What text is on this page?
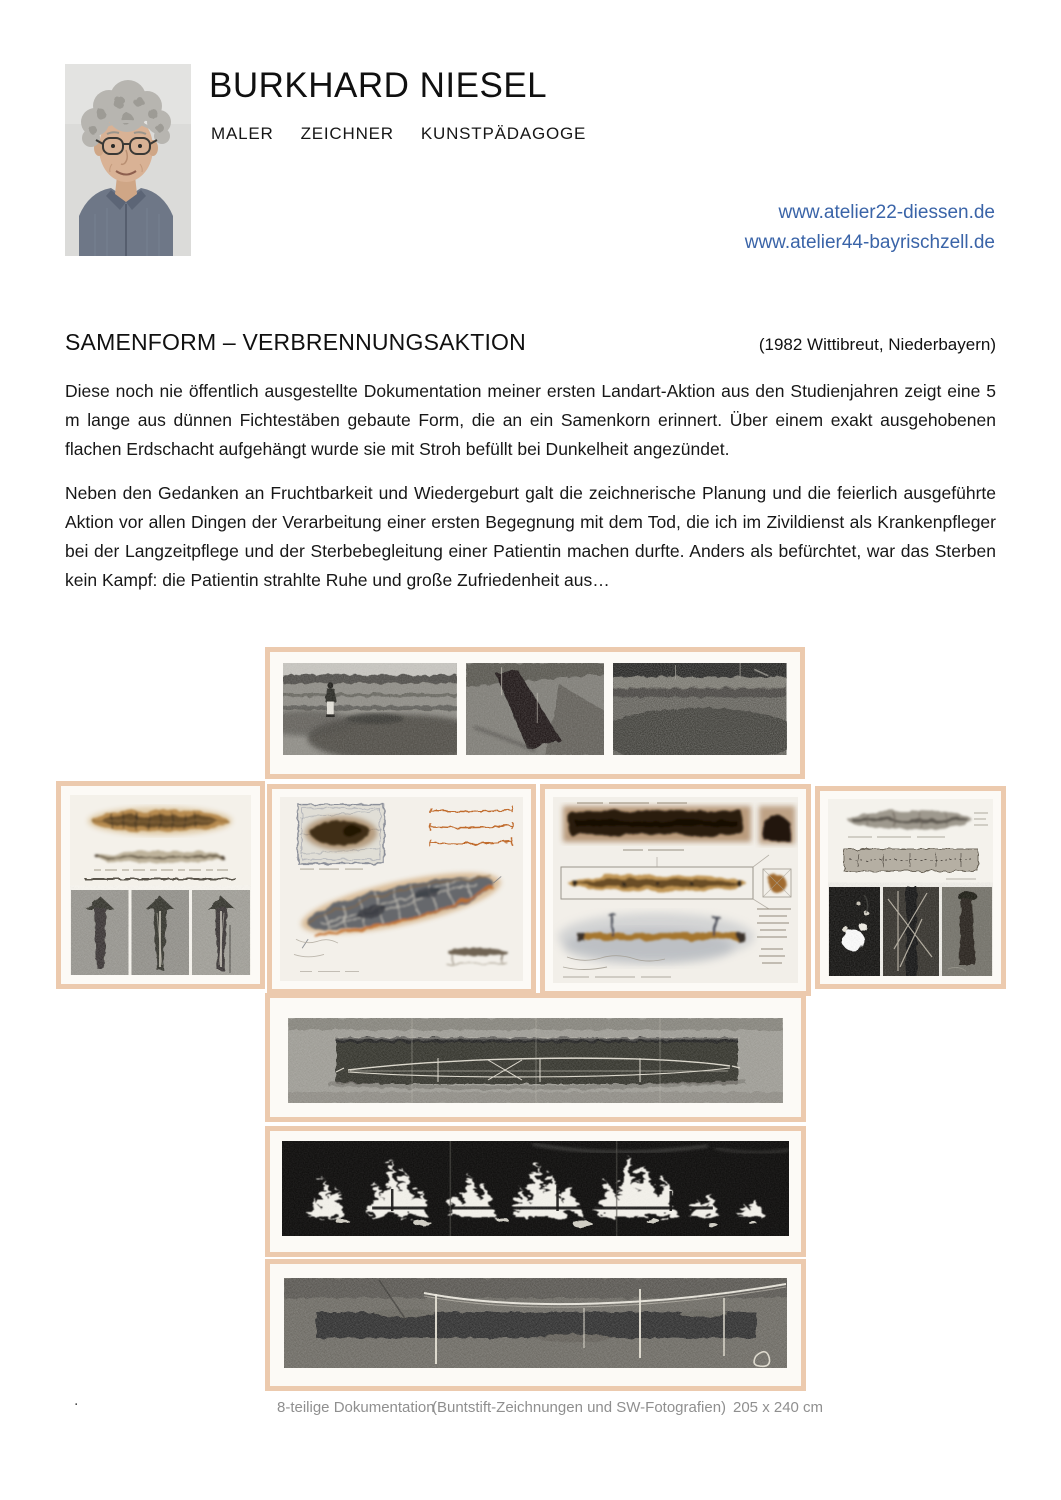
BURKHARD NIESEL
MALER ZEICHNER KUNSTPÄDAGOGE
www.atelier22-diessen.de
www.atelier44-bayrischzell.de
SAMENFORM – VERBRENNUNGSAKTION	(1982 Wittibreut, Niederbayern)

Diese noch nie öffentlich ausgestellte Dokumentation meiner ersten Landart-Aktion aus den Studienjahren zeigt eine 5 m lange aus dünnen Fichtestäben gebaute Form, die an ein Samenkorn erinnert. Über einem exakt ausgehobenen flachen Erdschacht aufgehängt wurde sie mit Stroh befüllt bei Dunkelheit angezündet.

Neben den Gedanken an Fruchtbarkeit und Wiedergeburt galt die zeichnerische Planung und die feierlich ausgeführte Aktion vor allen Dingen der Verarbeitung einer ersten Begegnung mit dem Tod, die ich im Zivildienst als Krankenpfleger bei der Langzeitpflege und der Sterbebegleitung einer Patientin machen durfte. Anders als befürchtet, war das Sterben kein Kampf: die Patientin strahlte Ruhe und große Zufriedenheit aus…

.	8-teilige Dokumentation
(Buntstift-Zeichnungen und SW-Fotografien) 205 x 240 cm
